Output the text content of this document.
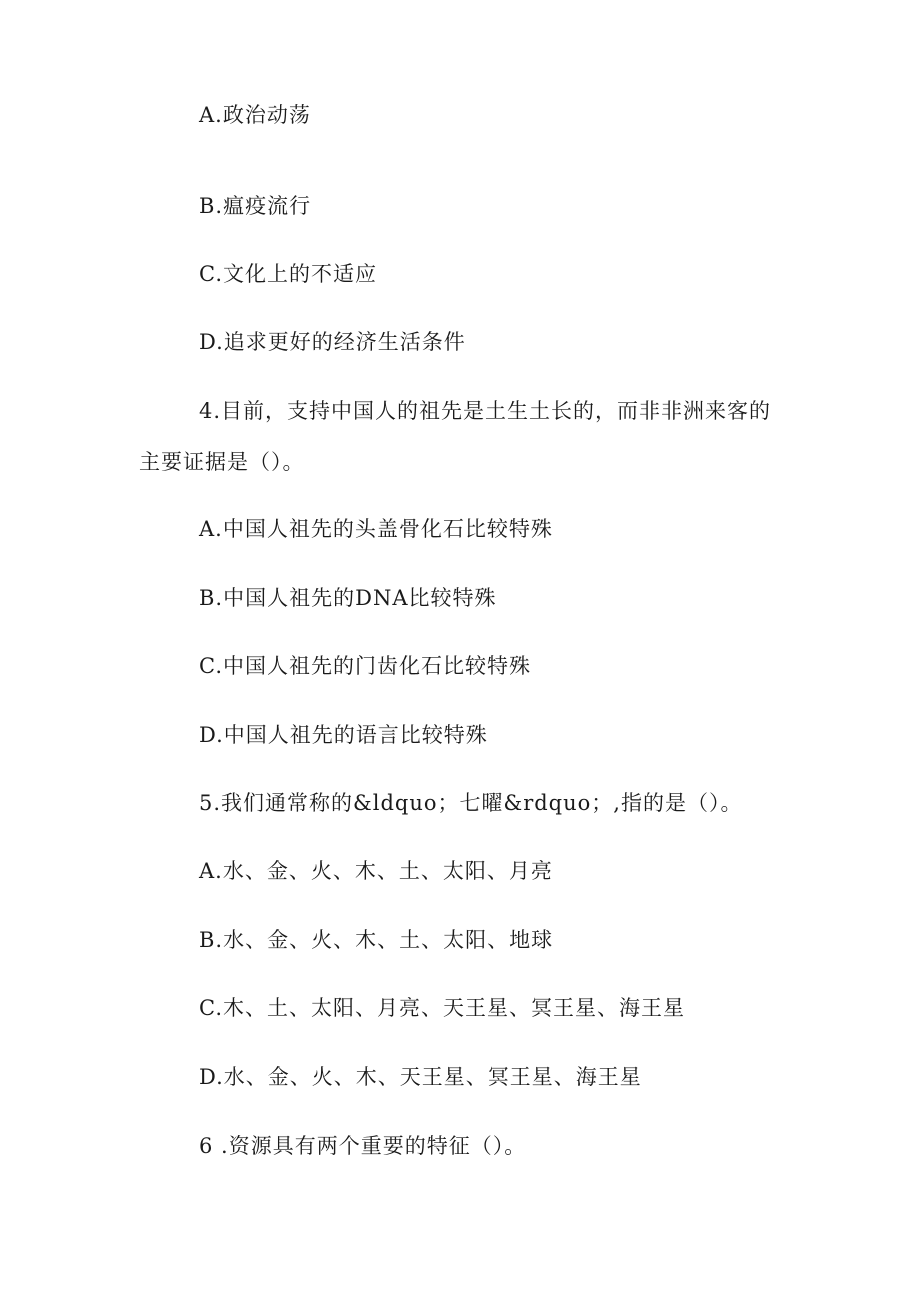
A.政治动荡
B.瘟疫流行
C.文化上的不适应
D.追求更好的经济生活条件
4.目前，支持中国人的祖先是土生土长的，而非非洲来客的
主要证据是（）。
A.中国人祖先的头盖骨化石比较特殊
B.中国人祖先的DNA比较特殊
C.中国人祖先的门齿化石比较特殊
D.中国人祖先的语言比较特殊
5.我们通常称的&ldquo；七曜&rdquo；,指的是（）。
A.水、金、火、木、土、太阳、月亮
B.水、金、火、木、土、太阳、地球
C.木、土、太阳、月亮、天王星、冥王星、海王星
D.水、金、火、木、天王星、冥王星、海王星
6 .资源具有两个重要的特征（）。
